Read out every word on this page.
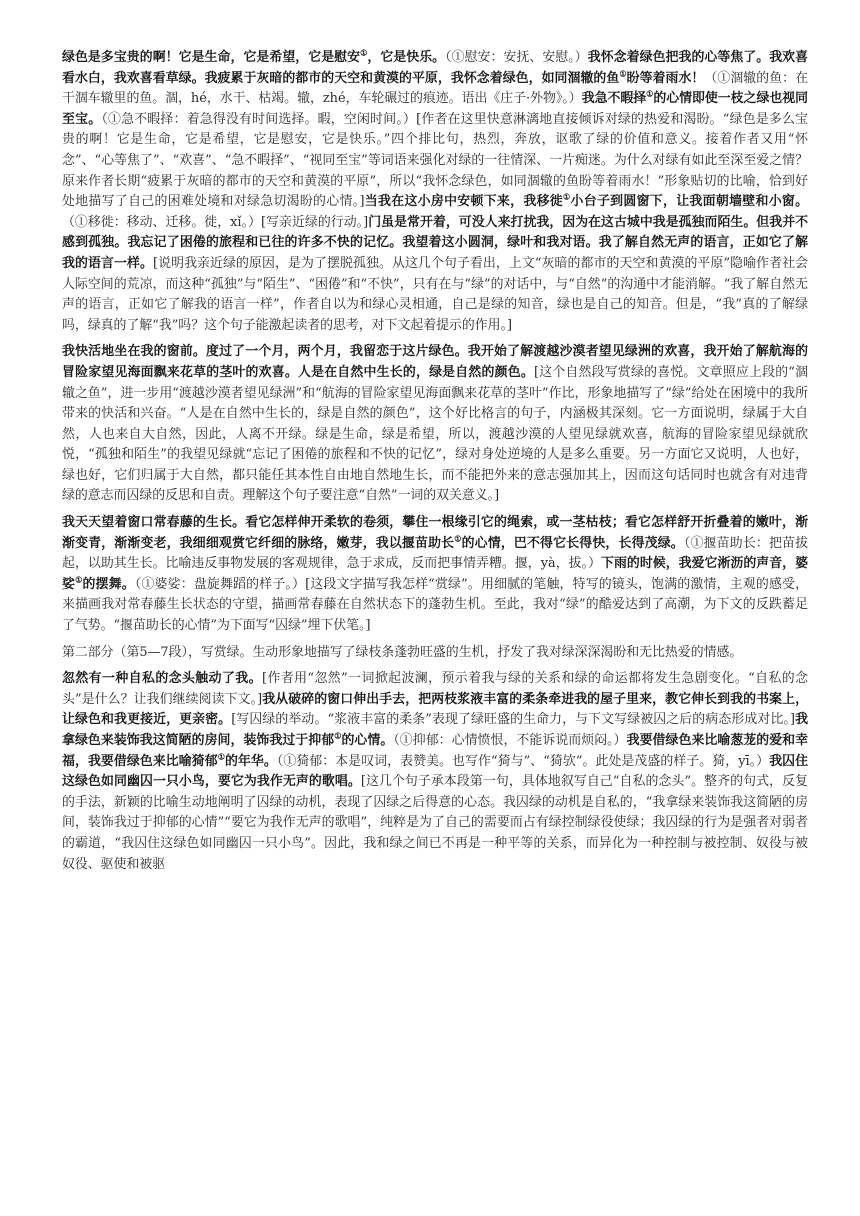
绿色是多宝贵的啊！它是生命，它是希望，它是慰安①，它是快乐。（①慰安：安抚、安慰。）我怀念着绿色把我的心等焦了。我欢喜看水白，我欢喜看草绿。我疲累于灰暗的都市的天空和黄漠的平原，我怀念着绿色，如同涸辙的鱼①盼等着雨水！（①涸辙的鱼：在干涸车辙里的鱼。涸，hé，水干、枯竭。辙，zhé，车轮碾过的痕迹。语出《庄子·外物》。）我急不暇择①的心情即使一枝之绿也视同至宝。（①急不暇择：着急得没有时间选择。暇，空闲时间。）[作者在这里快意淋漓地直接倾诉对绿的热爱和渴盼。“绿色是多么宝贵的啊！它是生命，它是希望，它是慰安，它是快乐。”四个排比句，热烈，奔放，讴歌了绿的价值和意义。接着作者又用“怀念”、“心等焦了”、“欢喜”、“急不暇择”、“视同至宝”等词语来强化对绿的一往情深、一片痴迷。为什么对绿有如此至深至爱之情？原来作者长期“疲累于灰暗的都市的天空和黄漠的平原”，所以“我怀念绿色，如同涸辙的鱼盼等着雨水！”形象贴切的比喻，恰到好处地描写了自己的困难处境和对绿急切渴盼的心情。]当我在这小房中安顿下来，我移徙①小台子到圆窗下，让我面朝墙壁和小窗。（①移徙：移动、迁移。徙，xǐ。）[写亲近绿的行动。]门虽是常开着，可没人来打扰我，因为在这古城中我是孤独而陌生。但我并不感到孤独。我忘记了困倦的旅程和已往的许多不快的记忆。我望着这小圆洞，绿叶和我对语。我了解自然无声的语言，正如它了解我的语言一样。[说明我亲近绿的原因，是为了摆脱孤独。从这几个句子看出，上文“灰暗的都市的天空和黄漠的平原”隐喻作者社会人际空间的荒凉，而这种“孤独”与“陌生”、“困倦”和“不快”，只有在与“绿”的对话中，与“自然”的沟通中才能消解。“我了解自然无声的语言，正如它了解我的语言一样”，作者自以为和绿心灵相通，自己是绿的知音，绿也是自己的知音。但是，“我”真的了解绿吗，绿真的了解“我”吗？这个句子能激起读者的思考，对下文起着提示的作用。]

我快活地坐在我的窗前。度过了一个月，两个月，我留恋于这片绿色。我开始了解渡越沙漠者望见绿洲的欢喜，我开始了解航海的冒险家望见海面飘来花草的茎叶的欢喜。人是在自然中生长的，绿是自然的颜色。[这个自然段写赏绿的喜悦。文章照应上段的“涸辙之鱼”，进一步用“渡越沙漠者望见绿洲”和“航海的冒险家望见海面飘来花草的茎叶”作比，形象地描写了“绿”给处在困境中的我所带来的快活和兴奋。“人是在自然中生长的，绿是自然的颜色”，这个好比格言的句子，内涵极其深刻。它一方面说明，绿属于大自然，人也来自大自然，因此，人离不开绿。绿是生命，绿是希望，所以，渡越沙漠的人望见绿就欢喜，航海的冒险家望见绿就欣悦，“孤独和陌生”的我望见绿就“忘记了困倦的旅程和不快的记忆”，绿对身处逆境的人是多么重要。另一方面它又说明，人也好，绿也好，它们归属于大自然，都只能任其本性自由地自然地生长，而不能把外来的意志强加其上，因而这句话同时也就含有对违背绿的意志而囚绿的反思和自责。理解这个句子要注意“自然”一词的双关意义。]

我天天望着窗口常春藤的生长。看它怎样伸开柔软的卷须，攀住一根缘引它的绳索，或一茎枯枝；看它怎样舒开折叠着的嫩叶，渐渐变青，渐渐变老，我细细观赏它纤细的脉络，嫩芽，我以揠苗助长①的心情，巴不得它长得快，长得茂绿。（①揠苗助长：把苗拔起，以助其生长。比喻违反事物发展的客观规律，急于求成，反而把事情弄糟。揠，yà，拔。）下雨的时候，我爱它淅沥的声音，婆娑①的摆舞。（①婆娑：盘旋舞蹈的样子。）[这段文字描写我怎样“赏绿”。用细腻的笔触，特写的镜头，饱满的激情，主观的感受，来描画我对常春藤生长状态的守望，描画常春藤在自然状态下的蓬勃生机。至此，我对“绿”的酷爱达到了高潮，为下文的反跌蓄足了气势。“揠苗助长的心情”为下面写“囚绿”埋下伏笔。]

第二部分（第5—7段），写赏绿。生动形象地描写了绿枝条蓬勃旺盛的生机，抒发了我对绿深深渴盼和无比热爱的情感。

忽然有一种自私的念头触动了我。[作者用“忽然”一词掀起波澜，预示着我与绿的关系和绿的命运都将发生急剧变化。“自私的念头”是什么？让我们继续阅读下文。]我从破碎的窗口伸出手去，把两枝浆液丰富的柔条牵进我的屋子里来，教它伸长到我的书案上，让绿色和我更接近，更亲密。[写囚绿的举动。“浆液丰富的柔条”表现了绿旺盛的生命力，与下文写绿被囚之后的病态形成对比。]我拿绿色来装饰我这简陋的房间，装饰我过于抑郁①的心情。（①抑郁：心情愤恨，不能诉说而烦闷。）我要借绿色来比喻葱茏的爱和幸福，我要借绿色来比喻猗郁①的年华。（①猗郁：本是叹词，表赞美。也写作“猗与”、“猗欤”。此处是茂盛的样子。猗，yī。）我囚住这绿色如同幽囚一只小鸟，要它为我作无声的歌唱。[这几个句子承本段第一句，具体地叙写自己“自私的念头”。整齐的句式，反复的手法，新颖的比喻生动地阐明了囚绿的动机，表现了囚绿之后得意的心态。我囚绿的动机是自私的，“我拿绿来装饰我这简陋的房间，装饰我过于抑郁的心情”“要它为我作无声的歌唱”，纯粹是为了自己的需要而占有绿控制绿役使绿；我囚绿的行为是强者对弱者的霸道，“我囚住这绿色如同幽囚一只小鸟”。因此，我和绿之间已不再是一种平等的关系，而异化为一种控制与被控制、奴役与被奴役、驱使和被驱
